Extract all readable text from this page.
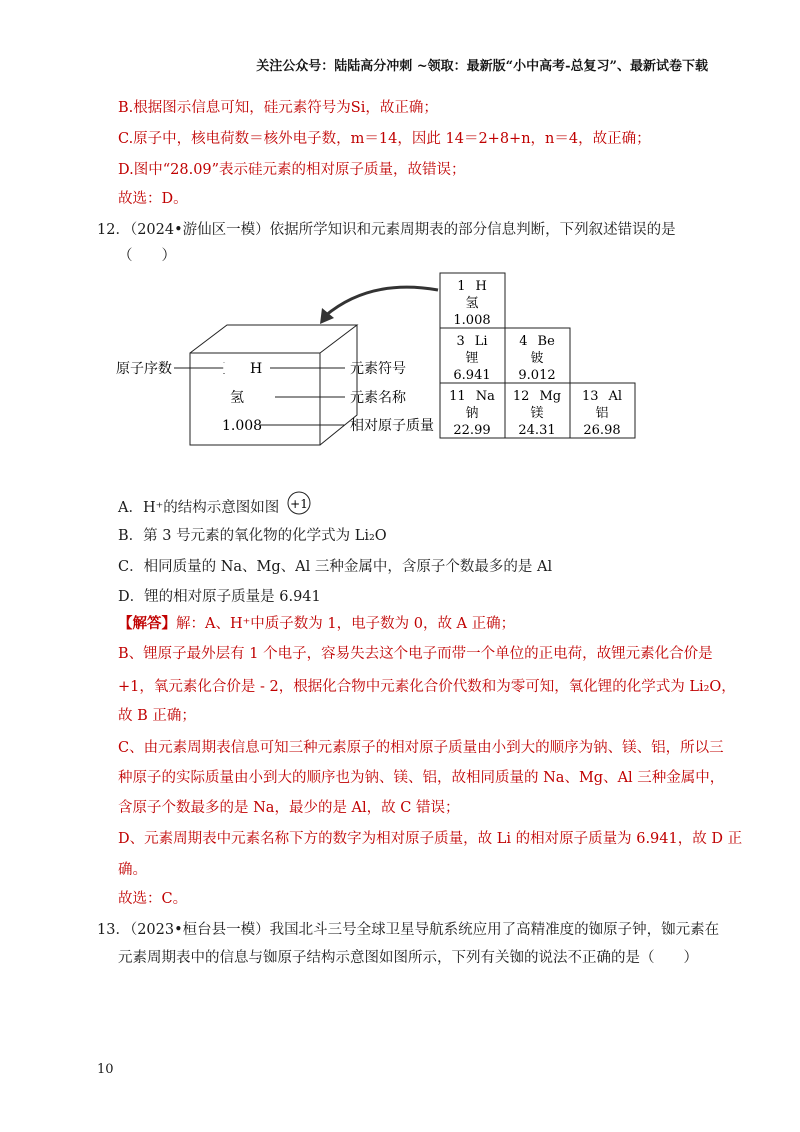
关注公众号：陆陆高分冲刺 ~领取：最新版“小中高考-总复习”、最新试卷下载
B.根据图示信息可知，硅元素符号为Si，故正确；
C.原子中，核电荷数＝核外电子数，m＝14，因此 14＝2+8+n，n＝4，故正确；
D.图中“28.09”表示硅元素的相对原子质量，故错误；
故选：D。
12．（2024•游仙区一模）依据所学知识和元素周期表的部分信息判断，下列叙述错误的是
（　　）
原子序数	元素符号
元素名称
相对原子质量
1 H
氢
1.008
1 H
氢
1.008
3 Li
锂
6.941
4 Be
铍
9.012
11 Na
钠
22.99
12 Mg
镁
24.31
13 Al
铝
26.98
A．H⁺的结构示意图如图 +1
B．第 3 号元素的氧化物的化学式为 Li₂O
C．相同质量的 Na、Mg、Al 三种金属中，含原子个数最多的是 Al
D．锂的相对原子质量是 6.941
【解答】解：A、H⁺中质子数为 1，电子数为 0，故 A 正确；
B、锂原子最外层有 1 个电子，容易失去这个电子而带一个单位的正电荷，故锂元素化合价是
+1，氧元素化合价是 - 2，根据化合物中元素化合价代数和为零可知，氧化锂的化学式为 Li₂O，
故 B 正确；
C、由元素周期表信息可知三种元素原子的相对原子质量由小到大的顺序为钠、镁、铝，所以三
种原子的实际质量由小到大的顺序也为钠、镁、铝，故相同质量的 Na、Mg、Al 三种金属中，
含原子个数最多的是 Na，最少的是 Al，故 C 错误；
D、元素周期表中元素名称下方的数字为相对原子质量，故 Li 的相对原子质量为 6.941，故 D 正
确。
故选：C。
13．（2023•桓台县一模）我国北斗三号全球卫星导航系统应用了高精准度的铷原子钟，铷元素在
元素周期表中的信息与铷原子结构示意图如图所示，下列有关铷的说法不正确的是（　　）
10
